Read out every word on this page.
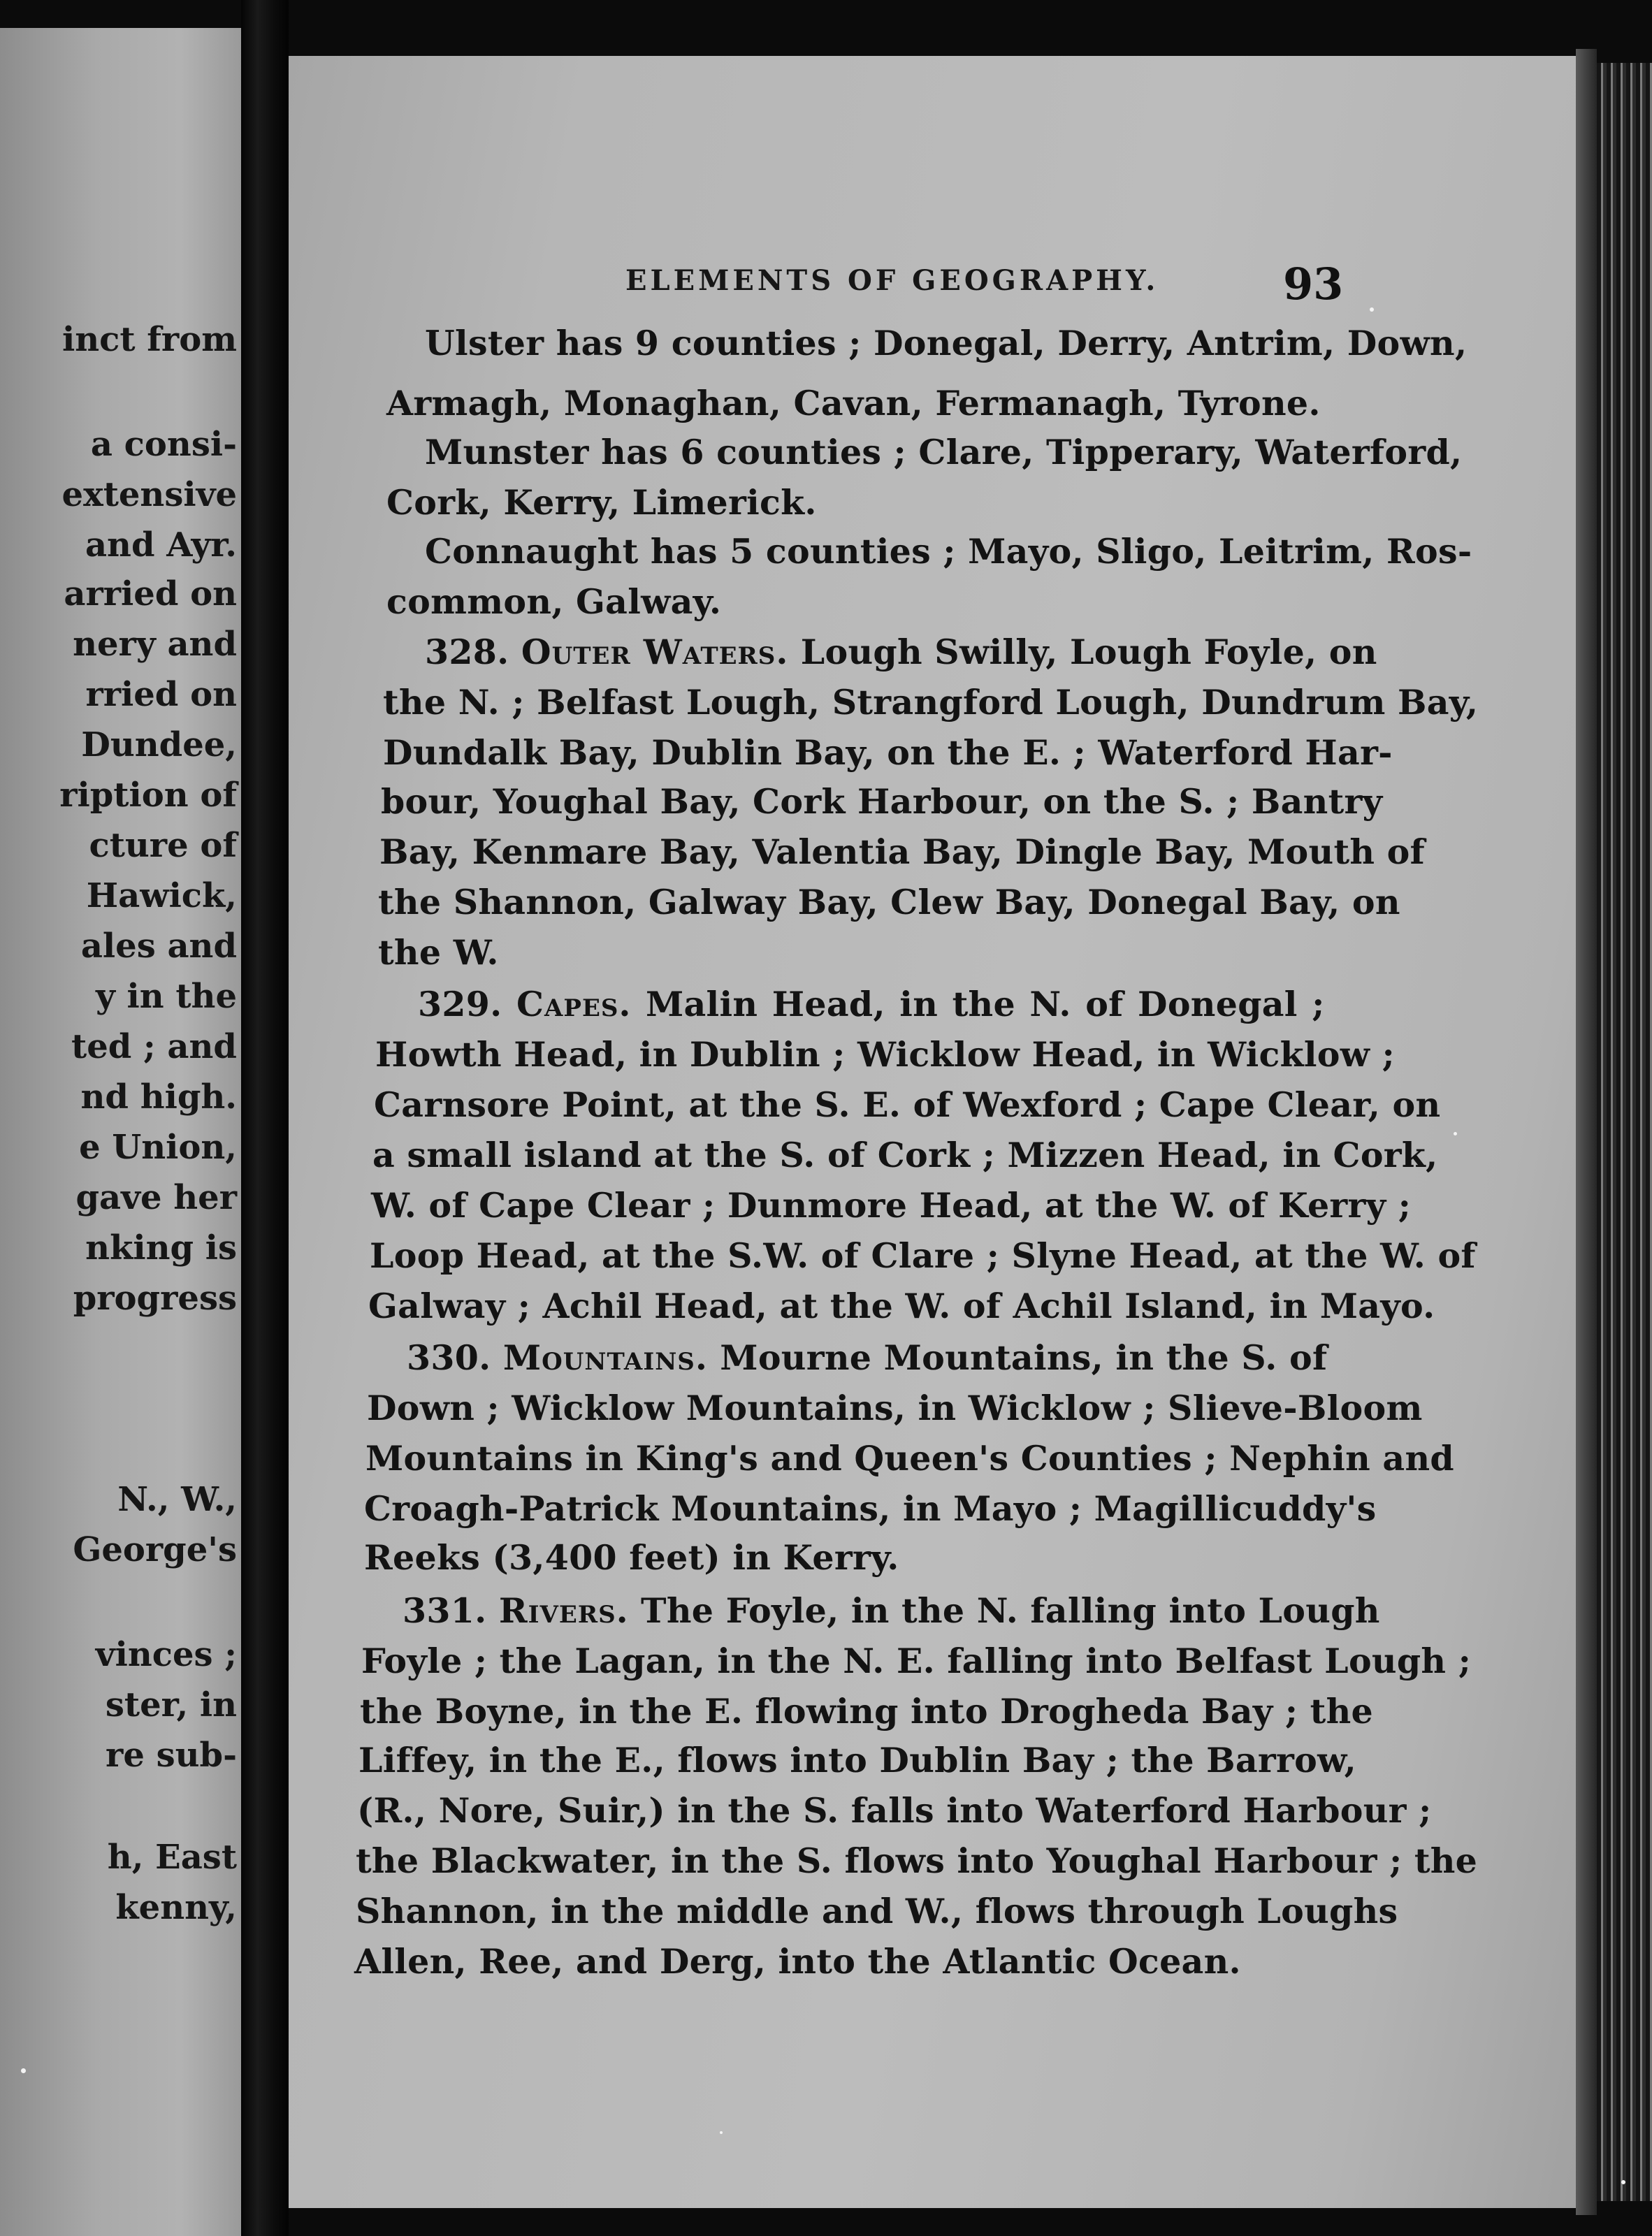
inct from
a consi-
extensive
and Ayr.
arried on
nery and
rried on
Dundee,
ription of
cture of
Hawick,
ales and
y in the
ted ; and
nd high.
e Union,
gave her
nking is
progress
N., W.,
George's
vinces ;
ster, in
re sub-
h, East
kenny,
ELEMENTS OF GEOGRAPHY.	93
Ulster has 9 counties ; Donegal, Derry, Antrim, Down,
Armagh, Monaghan, Cavan, Fermanagh, Tyrone.
Munster has 6 counties ; Clare, Tipperary, Waterford,
Cork, Kerry, Limerick.
Connaught has 5 counties ; Mayo, Sligo, Leitrim, Ros-
common, Galway.
328. Outer Waters. Lough Swilly, Lough Foyle, on
the N. ; Belfast Lough, Strangford Lough, Dundrum Bay,
Dundalk Bay, Dublin Bay, on the E. ; Waterford Har-
bour, Youghal Bay, Cork Harbour, on the S. ; Bantry
Bay, Kenmare Bay, Valentia Bay, Dingle Bay, Mouth of
the Shannon, Galway Bay, Clew Bay, Donegal Bay, on
the W.
329. Capes. Malin Head, in the N. of Donegal ;
Howth Head, in Dublin ; Wicklow Head, in Wicklow ;
Carnsore Point, at the S. E. of Wexford ; Cape Clear, on
a small island at the S. of Cork ; Mizzen Head, in Cork,
W. of Cape Clear ; Dunmore Head, at the W. of Kerry ;
Loop Head, at the S.W. of Clare ; Slyne Head, at the W. of
Galway ; Achil Head, at the W. of Achil Island, in Mayo.
330. Mountains. Mourne Mountains, in the S. of
Down ; Wicklow Mountains, in Wicklow ; Slieve-Bloom
Mountains in King's and Queen's Counties ; Nephin and
Croagh-Patrick Mountains, in Mayo ; Magillicuddy's
Reeks (3,400 feet) in Kerry.
331. Rivers. The Foyle, in the N. falling into Lough
Foyle ; the Lagan, in the N. E. falling into Belfast Lough ;
the Boyne, in the E. flowing into Drogheda Bay ; the
Liffey, in the E., flows into Dublin Bay ; the Barrow,
(R., Nore, Suir,) in the S. falls into Waterford Harbour ;
the Blackwater, in the S. flows into Youghal Harbour ; the
Shannon, in the middle and W., flows through Loughs
Allen, Ree, and Derg, into the Atlantic Ocean.
